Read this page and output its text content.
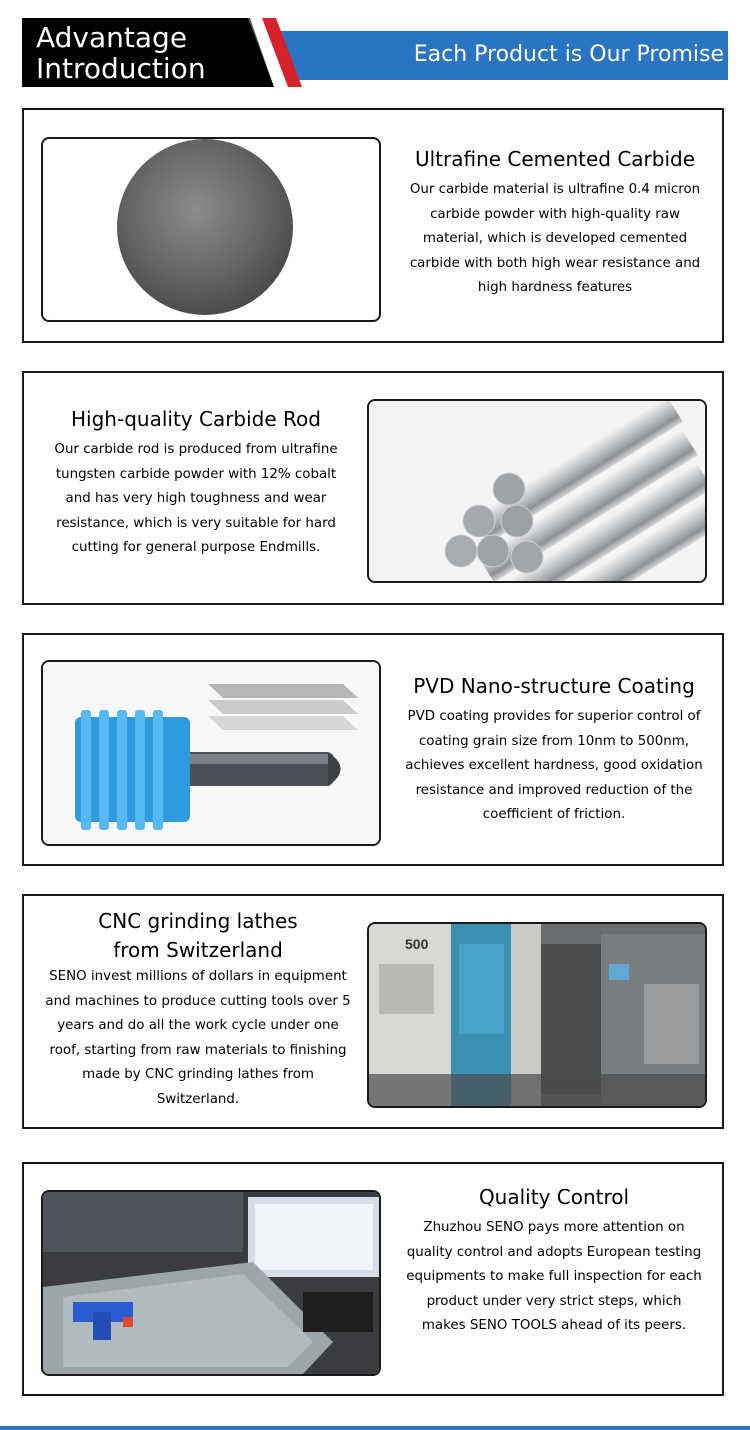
Advantage
Introduction	Each Product is Our Promise
Ultrafine Cemented Carbide

Our carbide material is ultrafine 0.4 micron carbide powder with high-quality raw material, which is developed cemented carbide with both high wear resistance and high hardness features

High-quality Carbide Rod

Our carbide rod is produced from ultrafine tungsten carbide powder with 12% cobalt and has very high toughness and wear resistance, which is very suitable for hard cutting for general purpose Endmills.

PVD Nano-structure Coating

PVD coating provides for superior control of coating grain size from 10nm to 500nm, achieves excellent hardness, good oxidation resistance and improved reduction of the coefficient of friction.

CNC grinding lathes
from Switzerland

SENO invest millions of dollars in equipment and machines to produce cutting tools over 5 years and do all the work cycle under one roof, starting from raw materials to finishing made by CNC grinding lathes from Switzerland.

500
Quality Control

Zhuzhou SENO pays more attention on quality control and adopts European testing equipments to make full inspection for each product under very strict steps, which makes SENO TOOLS ahead of its peers.
